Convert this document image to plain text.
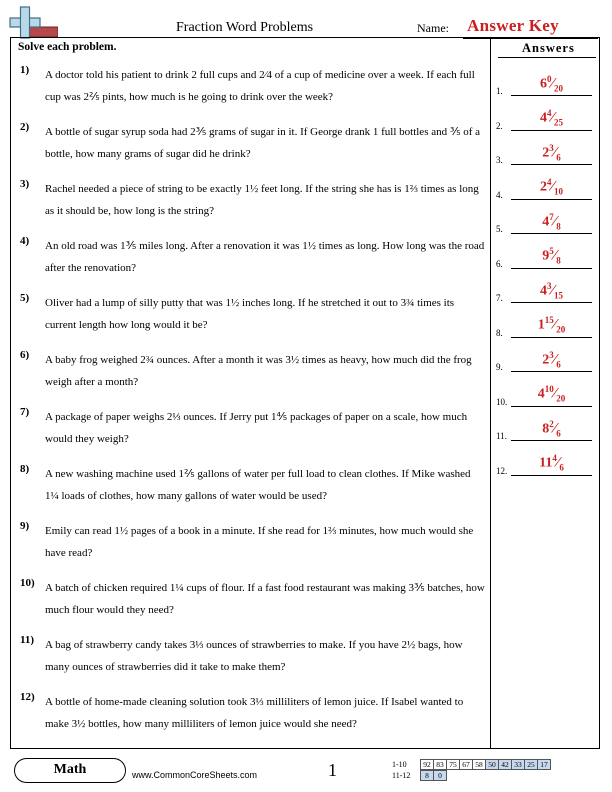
Fraction Word Problems	Name: Answer Key
Solve each problem.
1) A doctor told his patient to drink 2 full cups and 2⁄4 of a cup of medicine over a week. If each full cup was 2⅖ pints, how much is he going to drink over the week?
2) A bottle of sugar syrup soda had 2⅗ grams of sugar in it. If George drank 1 full bottles and ⅗ of a bottle, how many grams of sugar did he drink?
3) Rachel needed a piece of string to be exactly 1½ feet long. If the string she has is 1⅔ times as long as it should be, how long is the string?
4) An old road was 1⅗ miles long. After a renovation it was 1½ times as long. How long was the road after the renovation?
5) Oliver had a lump of silly putty that was 1½ inches long. If he stretched it out to 3¾ times its current length how long would it be?
6) A baby frog weighed 2¾ ounces. After a month it was 3½ times as heavy, how much did the frog weigh after a month?
7) A package of paper weighs 2⅓ ounces. If Jerry put 1⅘ packages of paper on a scale, how much would they weigh?
8) A new washing machine used 1⅖ gallons of water per full load to clean clothes. If Mike washed 1¼ loads of clothes, how many gallons of water would be used?
9) Emily can read 1½ pages of a book in a minute. If she read for 1⅔ minutes, how much would she have read?
10) A batch of chicken required 1¼ cups of flour. If a fast food restaurant was making 3⅗ batches, how much flour would they need?
11) A bag of strawberry candy takes 3⅓ ounces of strawberries to make. If you have 2½ bags, how many ounces of strawberries did it take to make them?
12) A bottle of home-made cleaning solution took 3⅓ milliliters of lemon juice. If Isabel wanted to make 3½ bottles, how many milliliters of lemon juice would she need?
Answers
1.	$6^0⁄_{20}$
2.	$4^4⁄_{25}$
3.	$2^3⁄_6$
4.	$2^4⁄_{10}$
5.	$4^7⁄_8$
6.	$9^5⁄_8$
7.	$4^3⁄_{15}$
8.	$1^{15}⁄_{20}$
9.	$2^3⁄_6$
10.	$4^{10}⁄_{20}$
11.	$8^2⁄_6$
12.	$11^4⁄_6$
Math	www.CommonCoreSheets.com	1	1-10	92 83 75 67 58 50 42 33 25 17
11-12	8	0
